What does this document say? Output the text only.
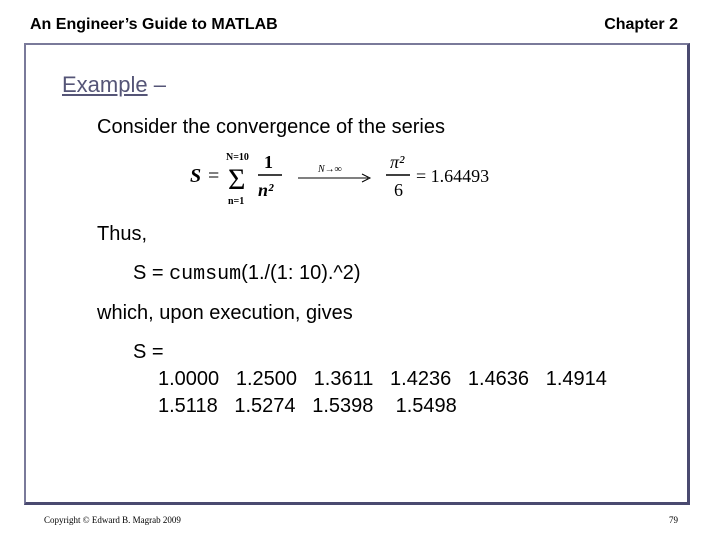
An Engineer’s Guide to MATLAB	Chapter 2
Example –
Consider the convergence of the series
S =
N=10
Σ
n=1
1
n²
N→∞	π²
6
= 1.64493
Thus,
S = cumsum(1./(1: 10).^2)
which, upon execution, gives
S =
1.0000   1.2500   1.3611   1.4236   1.4636   1.4914
1.5118   1.5274   1.5398    1.5498
Copyright © Edward B. Magrab 2009	79
